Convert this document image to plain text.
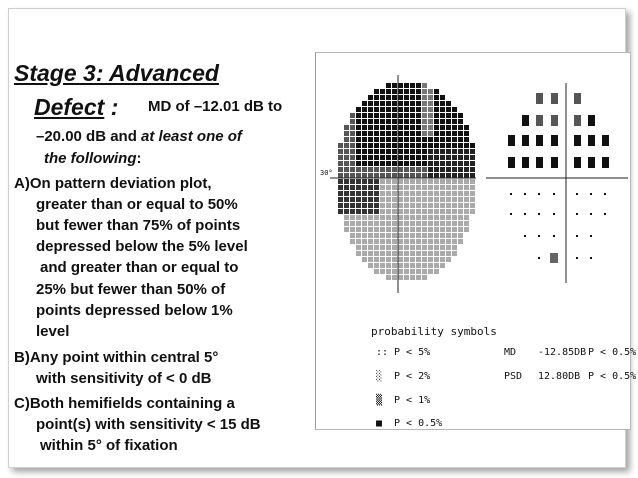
Stage 3: Advanced
Defect : MD of –12.01 dB to
–20.00 dB and at least one of
the following:
A)On pattern deviation plot,
greater than or equal to 50%
but fewer than 75% of points
depressed below the 5% level
and greater than or equal to
25% but fewer than 50% of
points depressed below 1%
level
B)Any point within central 5°
with sensitivity of < 0 dB
C)Both hemifields containing a
point(s) with sensitivity < 15 dB
within 5° of fixation
30°
probability symbols
:: P < 5%
░ P < 2%
▒ P < 1%
■ P < 0.5%
MD -12.85DB P < 0.5%
PSD 12.80DB P < 0.5%
